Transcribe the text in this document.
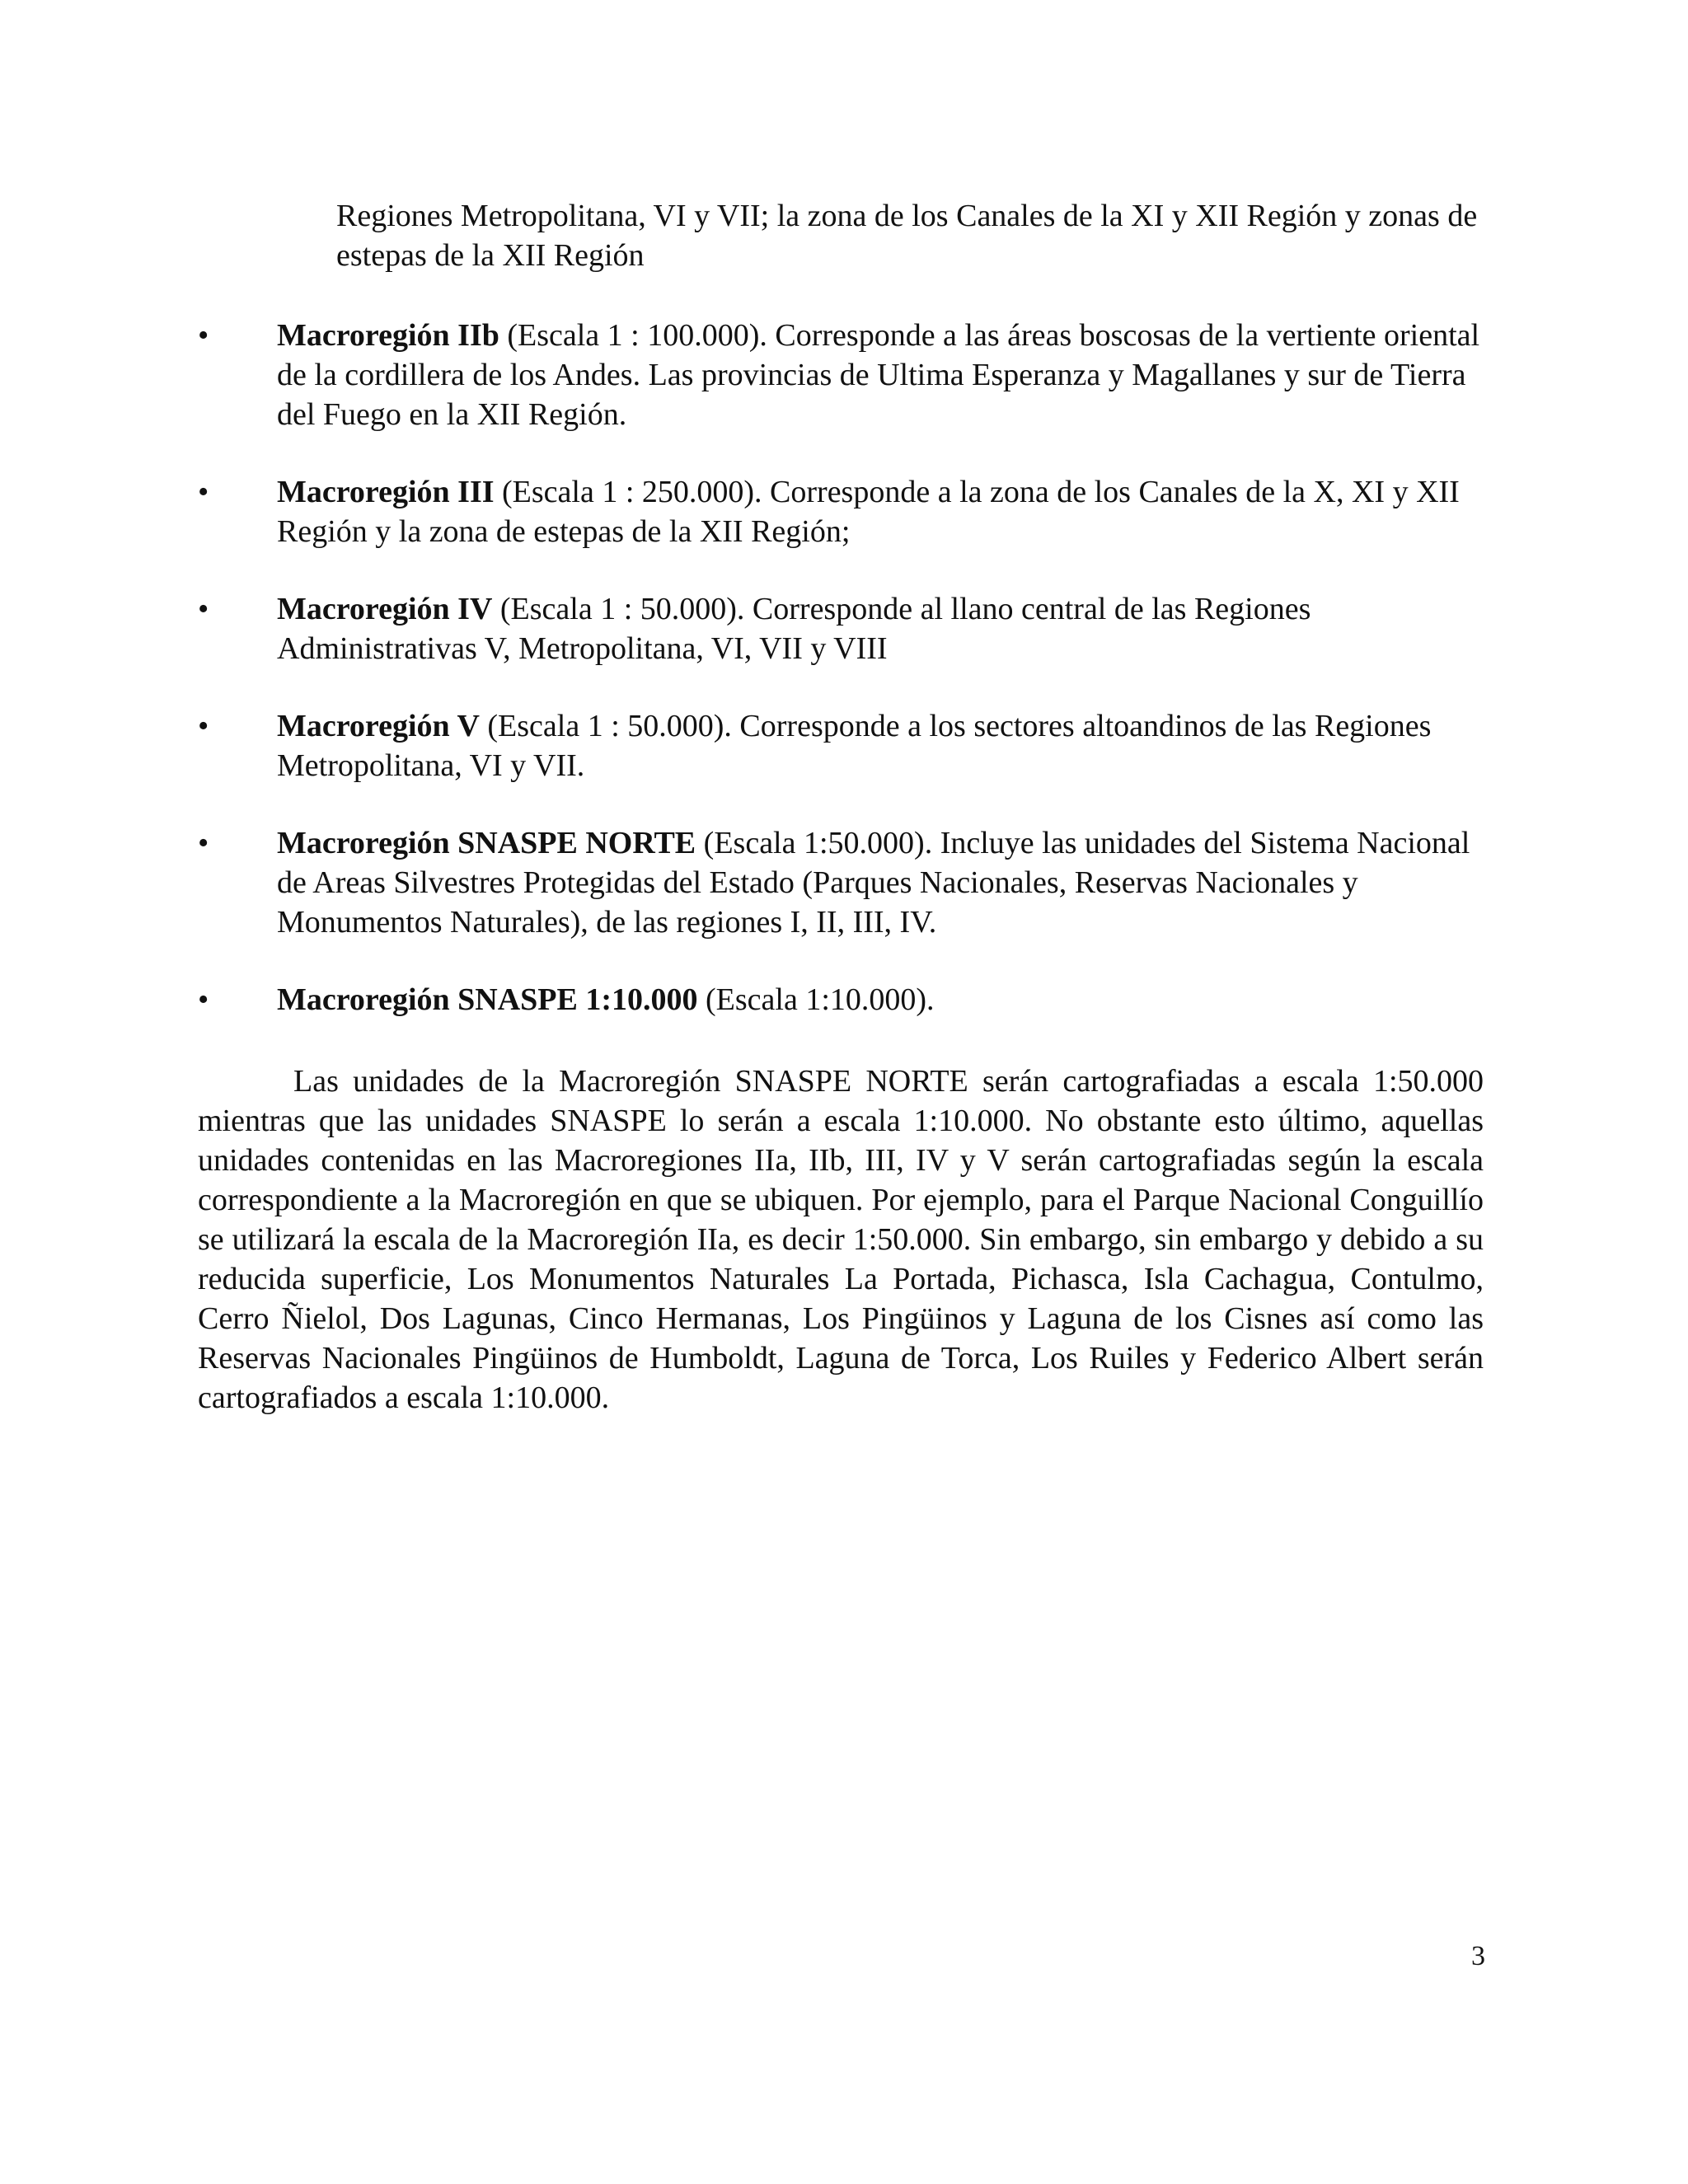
Regiones Metropolitana, VI y VII; la zona de los Canales de la XI y XII Región y zonas de estepas de la XII Región

•	Macroregión IIb (Escala 1 : 100.000). Corresponde a las áreas boscosas de la vertiente oriental de la cordillera de los Andes. Las provincias de Ultima Esperanza y Magallanes y sur de Tierra del Fuego en la XII Región.
•	Macroregión III (Escala 1 : 250.000). Corresponde a la zona de los Canales de la X, XI y XII Región y la zona de estepas de la XII Región;
•	Macroregión IV (Escala 1 : 50.000). Corresponde al llano central de las Regiones Administrativas V, Metropolitana, VI, VII y VIII
•	Macroregión V (Escala 1 : 50.000). Corresponde a los sectores altoandinos de las Regiones Metropolitana, VI y VII.
•	Macroregión SNASPE NORTE (Escala 1:50.000). Incluye las unidades del Sistema Nacional de Areas Silvestres Protegidas del Estado (Parques Nacionales, Reservas Nacionales y Monumentos Naturales), de las regiones I, II, III, IV.
•	Macroregión SNASPE 1:10.000 (Escala 1:10.000).

Las unidades de la Macroregión SNASPE NORTE serán cartografiadas a escala 1:50.000 mientras que las unidades SNASPE lo serán a escala 1:10.000. No obstante esto último, aquellas unidades contenidas en las Macroregiones IIa, IIb, III, IV y V serán cartografiadas según la escala correspondiente a la Macroregión en que se ubiquen. Por ejemplo, para el Parque Nacional Conguillío se utilizará la escala de la Macroregión IIa, es decir 1:50.000. Sin embargo, sin embargo y debido a su reducida superficie, Los Monumentos Naturales La Portada, Pichasca, Isla Cachagua, Contulmo, Cerro Ñielol, Dos Lagunas, Cinco Hermanas, Los Pingüinos y Laguna de los Cisnes así como las Reservas Nacionales Pingüinos de Humboldt, Laguna de Torca, Los Ruiles y Federico Albert serán cartografiados a escala 1:10.000.

3
